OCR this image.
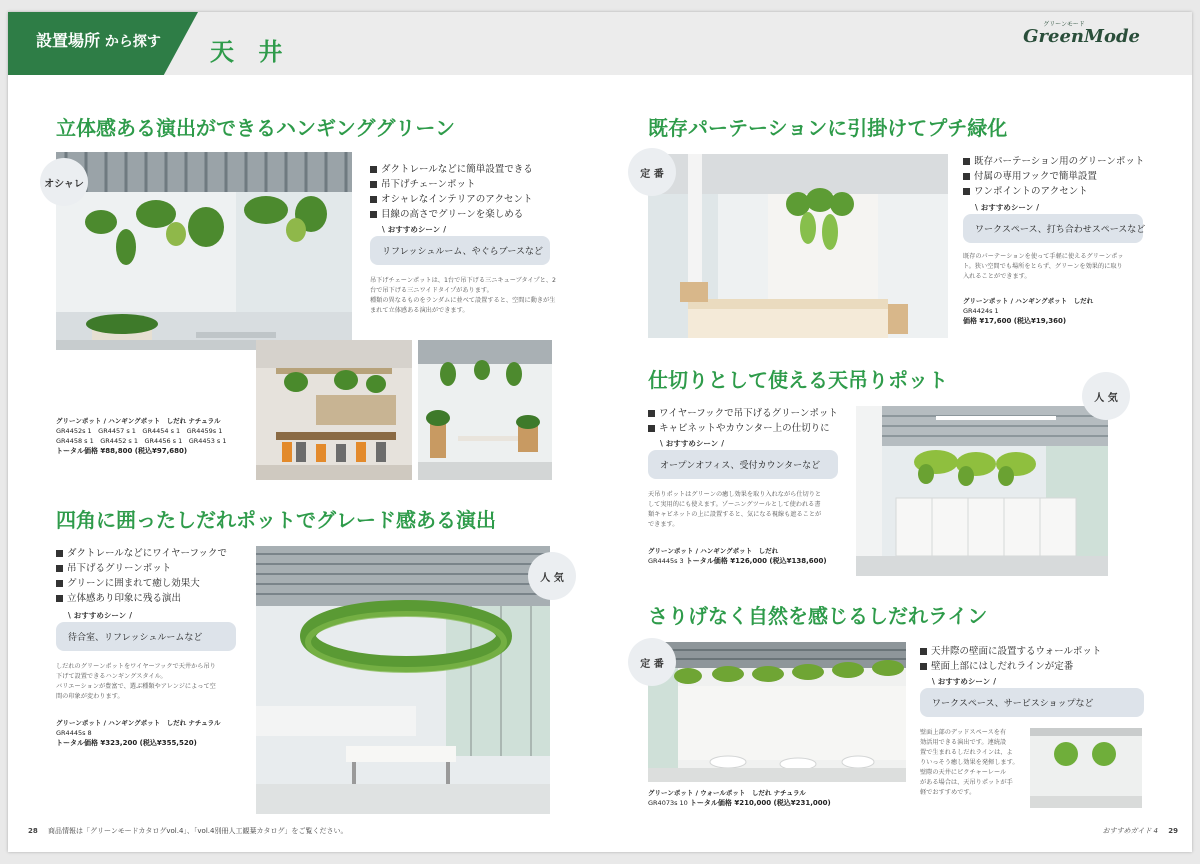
設置場所 から探す 天 井
グリーンモード
GreenMode
立体感ある演出ができるハンギンググリーン
オシャレ
ダクトレールなどに簡単設置できる
吊下げチェーンポット
オシャレなインテリアのアクセント
目線の高さでグリーンを楽しめる
\ おすすめシーン /
リフレッシュルーム、やぐらブースなど
吊下げチェーンポットは、1台で吊下げる三ニキューブタイプと、2台で吊下げる三ニワイドタイプがあります。
種類の異なるものをランダムに並べて設置すると、空間に動きが生まれて立体感ある演出ができます。
グリーンポット / ハンギングポット　しだれ ナチュラル
GR4452s 1　GR4457 s 1　GR4454 s 1　GR4459s 1
GR4458 s 1　GR4452 s 1　GR4456 s 1　GR4453 s 1
トータル価格 ¥88,800 (税込¥97,680)
四角に囲ったしだれポットでグレード感ある演出
ダクトレールなどにワイヤーフックで
吊下げるグリーンポット
グリーンに囲まれて癒し効果大
立体感あり印象に残る演出
\ おすすめシーン /
待合室、リフレッシュルームなど
しだれのグリーンポットをワイヤーフックで天井から吊り
下げて設置できるハンギングスタイル。
バリエーションが豊富で、選ぶ種類やアレンジによって空
間の印象が変わります。
グリーンポット / ハンギングポット　しだれ ナチュラル
GR4445s 8
トータル価格 ¥323,200 (税込¥355,520)
人 気
既存パーテーションに引掛けてプチ緑化
定 番
既存パーテーション用のグリーンポット
付属の専用フックで簡単設置
ワンポイントのアクセント
\ おすすめシーン /
ワークスペース、打ち合わせスペースなど
既存のパーテーションを使って手軽に使えるグリーンポッ
ト。狭い空間でも場所をとらず、グリーンを効果的に取り
入れることができます。
グリーンポット / ハンギングポット　しだれ
GR4424s 1
価格 ¥17,600 (税込¥19,360)
仕切りとして使える天吊りポット
ワイヤーフックで吊下げるグリーンポット
キャビネットやカウンター上の仕切りに
\ おすすめシーン /
オープンオフィス、受付カウンターなど
天吊りポットはグリーンの癒し効果を取り入れながら仕切りと
して実用的にも使えます。ゾーニングツールとして使われる書
類キャビネットの上に設置すると、気になる視線も遮ることが
できます。
グリーンポット / ハンギングポット　しだれ
GR4445s 3 トータル価格 ¥126,000 (税込¥138,600)
人 気
さりげなく自然を感じるしだれライン
定 番
天井際の壁面に設置するウォールポット
壁面上部にはしだれラインが定番
\ おすすめシーン /
ワークスペース、サービスショップなど
壁面上部のデッドスペースを有
効活用できる演出です。連続設
置で生まれるしだれラインは、よ
りいっそう癒し効果を発揮します。
壁際の天井にピクチャーレール
がある場合は、天吊りポットが手
軽でおすすめです。
グリーンポット / ウォールポット　しだれ ナチュラル
GR4073s 10 トータル価格 ¥210,000 (税込¥231,000)
28 商品情報は「グリーンモードカタログvol.4」、「vol.4別冊人工観葉カタログ」をご覧ください。	おすすめガイド 4 29
